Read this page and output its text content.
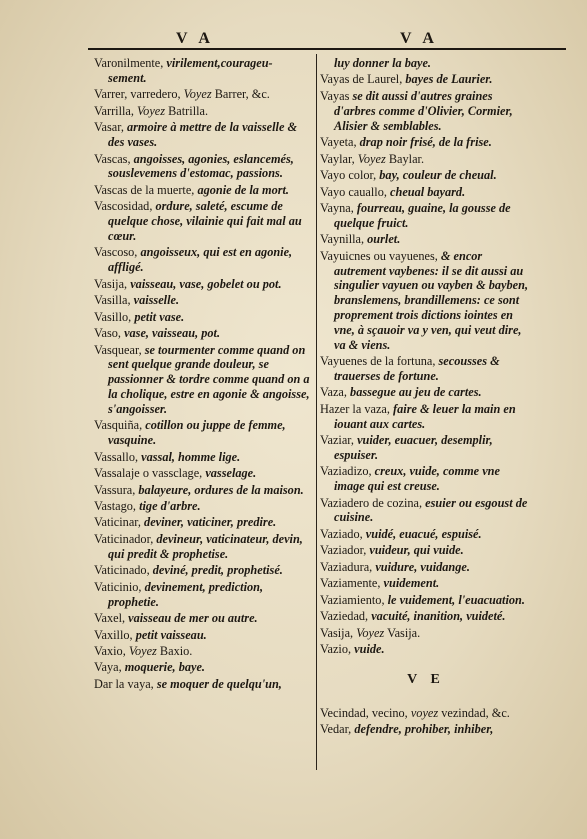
V A	V A
Varonilmente, virilement,courageu-sement.
Varrer, varredero, Voyez Barrer, &c.
Varrilla, Voyez Batrilla.
Vasar, armoire à mettre de la vaisselle & des vases.
Vascas, angoisses, agonies, eslancemés, souslevemens d'estomac, passions.
Vascas de la muerte, agonie de la mort.
Vascosidad, ordure, saleté, escume de quelque chose, vilainie qui fait mal au cœur.
Vascoso, angoisseux, qui est en agonie, affligé.
Vasija, vaisseau, vase, gobelet ou pot.
Vasilla, vaisselle.
Vasillo, petit vase.
Vaso, vase, vaisseau, pot.
Vasquear, se tourmenter comme quand on sent quelque grande douleur, se passionner & tordre comme quand on a la cholique, estre en agonie & angoisse, s'angoisser.
Vasquiña, cotillon ou juppe de femme, vasquine.
Vassallo, vassal, homme lige.
Vassalaje o vassclage, vasselage.
Vassura, balayeure, ordures de la maison.
Vastago, tige d'arbre.
Vaticinar, deviner, vaticiner, predire.
Vaticinador, devineur, vaticinateur, devin, qui predit & prophetise.
Vaticinado, deviné, predit, prophetisé.
Vaticinio, devinement, prediction, prophetie.
Vaxel, vaisseau de mer ou autre.
Vaxillo, petit vaisseau.
Vaxio, Voyez Baxio.
Vaya, moquerie, baye.
Dar la vaya, se moquer de quelqu'un,
luy donner la baye.
Vayas de Laurel, bayes de Laurier.
Vayas se dit aussi d'autres graines d'arbres comme d'Olivier, Cormier, Alisier & semblables.
Vayeta, drap noir frisé, de la frise.
Vaylar, Voyez Baylar.
Vayo color, bay, couleur de cheual.
Vayo cauallo, cheual bayard.
Vayna, fourreau, guaine, la gousse de quelque fruict.
Vaynilla, ourlet.
Vayuicnes ou vayuenes, & encor autrement vaybenes: il se dit aussi au singulier vayuen ou vayben & bayben, branslemens, brandillemens: ce sont proprement trois dictions iointes en vne, à sçauoir va y ven, qui veut dire, va & viens.
Vayuenes de la fortuna, secousses & trauerses de fortune.
Vaza, bassegue au jeu de cartes.
Hazer la vaza, faire & leuer la main en iouant aux cartes.
Vaziar, vuider, euacuer, desemplir, espuiser.
Vaziadizo, creux, vuide, comme vne image qui est creuse.
Vaziadero de cozina, esuier ou esgoust de cuisine.
Vaziado, vuidé, euacué, espuisé.
Vaziador, vuideur, qui vuide.
Vaziadura, vuidure, vuidange.
Vaziamente, vuidement.
Vaziamiento, le vuidement, l'euacuation.
Vaziedad, vacuité, inanition, vuideté.
Vasija, Voyez Vasija.
Vazio, vuide.
V E
Vecindad, vecino, voyez vezindad, &c.
Vedar, defendre, prohiber, inhiber,
